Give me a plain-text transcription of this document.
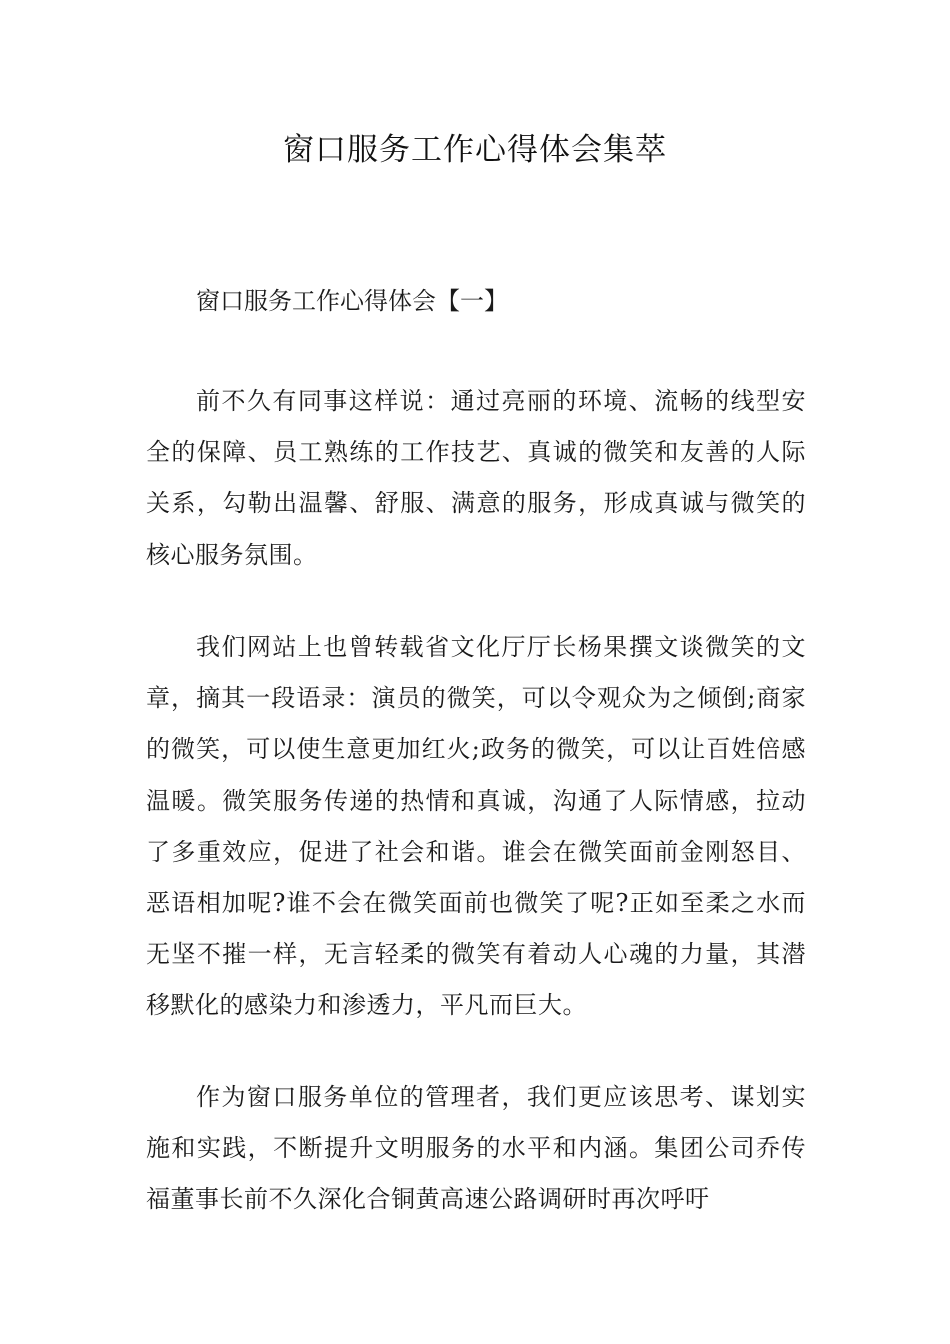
窗口服务工作心得体会集萃
窗口服务工作心得体会【一】

前不久有同事这样说：通过亮丽的环境、流畅的线型安全的保障、员工熟练的工作技艺、真诚的微笑和友善的人际关系，勾勒出温馨、舒服、满意的服务，形成真诚与微笑的核心服务氛围。

我们网站上也曾转载省文化厅厅长杨果撰文谈微笑的文章，摘其一段语录：演员的微笑，可以令观众为之倾倒;商家的微笑，可以使生意更加红火;政务的微笑，可以让百姓倍感温暖。微笑服务传递的热情和真诚，沟通了人际情感，拉动了多重效应，促进了社会和谐。谁会在微笑面前金刚怒目、恶语相加呢?谁不会在微笑面前也微笑了呢?正如至柔之水而无坚不摧一样，无言轻柔的微笑有着动人心魂的力量，其潜移默化的感染力和渗透力，平凡而巨大。

作为窗口服务单位的管理者，我们更应该思考、谋划实施和实践，不断提升文明服务的水平和内涵。集团公司乔传福董事长前不久深化合铜黄高速公路调研时再次呼吁
